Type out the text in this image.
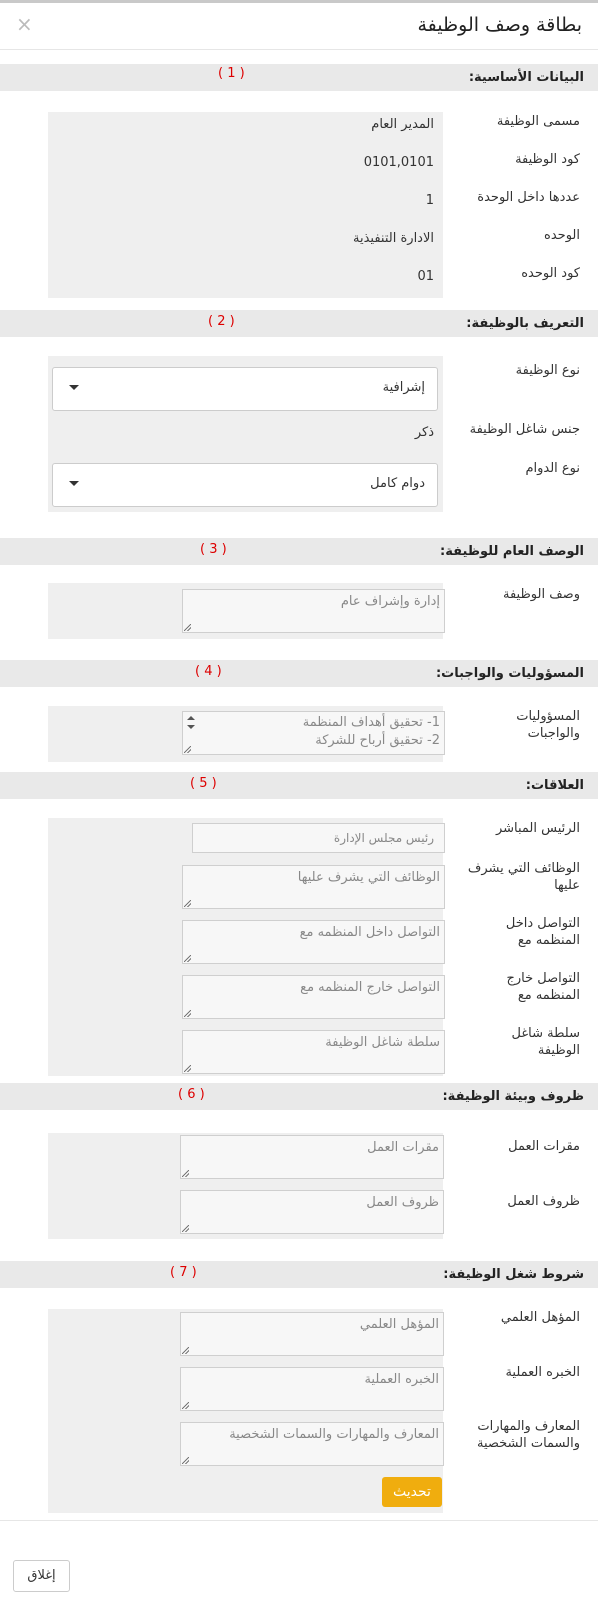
بطاقة وصف الوظيفة
×
البيانات الأساسية:
( 1 )
مسمى الوظيفة
المدير العام
كود الوظيفة
0101,0101
عددها داخل الوحدة
1
الوحده
الادارة التنفيذية
كود الوحده
01
التعريف بالوظيفة:
( 2 )
نوع الوظيفة
إشرافية
جنس شاغل الوظيفة
ذكر
نوع الدوام
دوام كامل
الوصف العام للوظيفة:
( 3 )
وصف الوظيفة
إدارة وإشراف عام
المسؤوليات والواجبات:
( 4 )
المسؤوليات
والواجبات
1- تحقيق أهداف المنظمة
2- تحقيق أرباح للشركة
العلاقات:
( 5 )
الرئيس المباشر
رئيس مجلس الإدارة
الوظائف التي يشرف
عليها
الوظائف التي يشرف عليها
التواصل داخل
المنظمه مع
التواصل داخل المنظمه مع
التواصل خارج
المنظمه مع
التواصل خارج المنظمه مع
سلطة شاغل
الوظيفة
سلطة شاغل الوظيفة
ظروف وبيئة الوظيفة:
( 6 )
مقرات العمل
مقرات العمل
ظروف العمل
ظروف العمل
شروط شغل الوظيفة:
( 7 )
المؤهل العلمي
المؤهل العلمي
الخبره العملية
الخبره العملية
المعارف والمهارات
والسمات الشخصية
المعارف والمهارات والسمات الشخصية
تحديث
إغلاق
